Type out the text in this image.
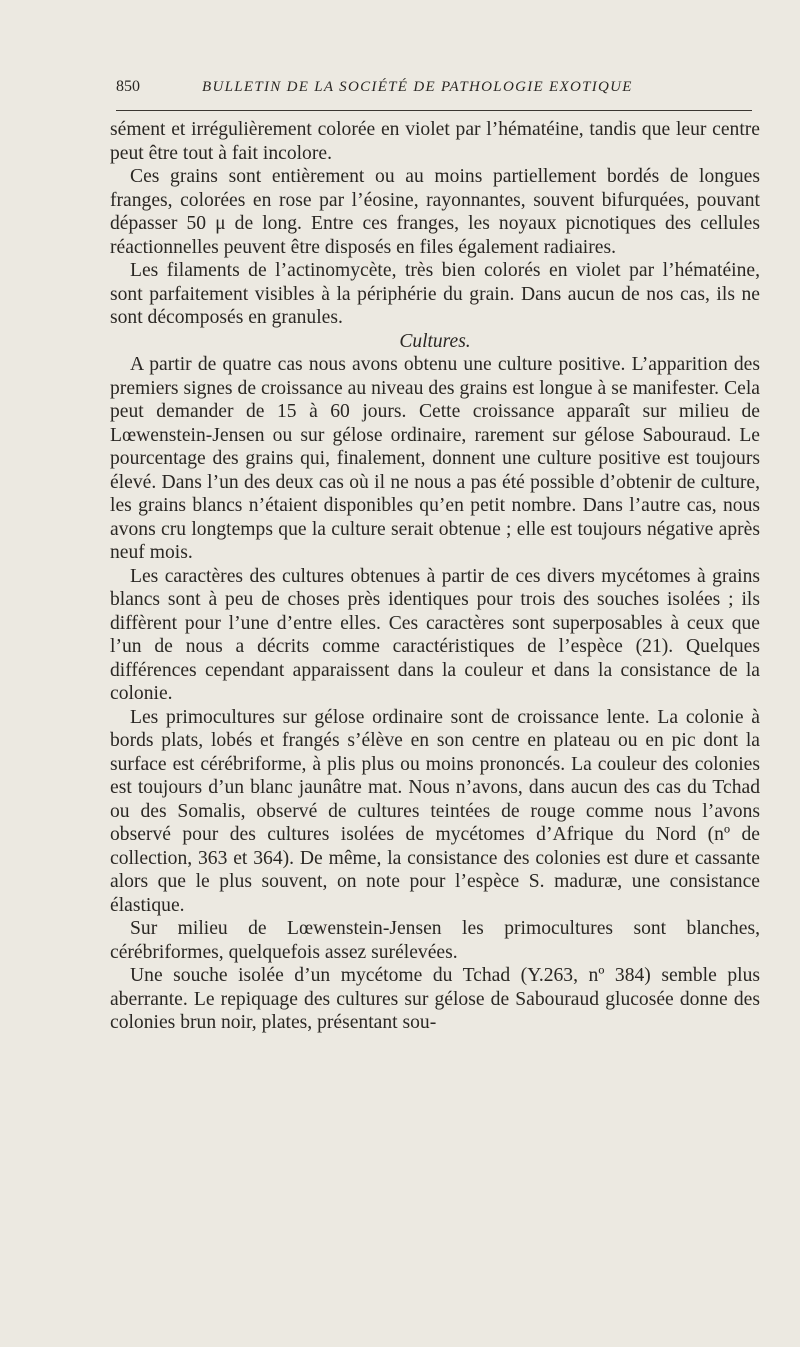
850	BULLETIN DE LA SOCIÉTÉ DE PATHOLOGIE EXOTIQUE

sément et irrégulièrement colorée en violet par l’hématéine, tandis que leur centre peut être tout à fait incolore.

Ces grains sont entièrement ou au moins partiellement bordés de longues franges, colorées en rose par l’éosine, rayonnantes, souvent bifurquées, pouvant dépasser 50 μ de long. Entre ces franges, les noyaux picnotiques des cellules réactionnelles peuvent être disposés en files également radiaires.

Les filaments de l’actinomycète, très bien colorés en violet par l’hématéine, sont parfaitement visibles à la périphérie du grain. Dans aucun de nos cas, ils ne sont décomposés en granules.

Cultures.

A partir de quatre cas nous avons obtenu une culture positive. L’apparition des premiers signes de croissance au niveau des grains est longue à se manifester. Cela peut demander de 15 à 60 jours. Cette croissance apparaît sur milieu de Lœwenstein-Jensen ou sur gélose ordinaire, rarement sur gélose Sabouraud. Le pourcentage des grains qui, finalement, donnent une culture positive est toujours élevé. Dans l’un des deux cas où il ne nous a pas été possible d’obtenir de culture, les grains blancs n’étaient disponibles qu’en petit nombre. Dans l’autre cas, nous avons cru longtemps que la culture serait obtenue ; elle est toujours négative après neuf mois.

Les caractères des cultures obtenues à partir de ces divers mycétomes à grains blancs sont à peu de choses près identiques pour trois des souches isolées ; ils diffèrent pour l’une d’entre elles. Ces caractères sont superposables à ceux que l’un de nous a décrits comme caractéristiques de l’espèce (21). Quelques différences cependant apparaissent dans la couleur et dans la consistance de la colonie.

Les primocultures sur gélose ordinaire sont de croissance lente. La colonie à bords plats, lobés et frangés s’élève en son centre en plateau ou en pic dont la surface est cérébriforme, à plis plus ou moins prononcés. La couleur des colonies est toujours d’un blanc jaunâtre mat. Nous n’avons, dans aucun des cas du Tchad ou des Somalis, observé de cultures teintées de rouge comme nous l’avons observé pour des cultures isolées de mycétomes d’Afrique du Nord (nº de collection, 363 et 364). De même, la consistance des colonies est dure et cassante alors que le plus souvent, on note pour l’espèce S. maduræ, une consistance élastique.

Sur milieu de Lœwenstein-Jensen les primocultures sont blanches, cérébriformes, quelquefois assez surélevées.

Une souche isolée d’un mycétome du Tchad (Y.263, nº 384) semble plus aberrante. Le repiquage des cultures sur gélose de Sabouraud glucosée donne des colonies brun noir, plates, présentant sou-
